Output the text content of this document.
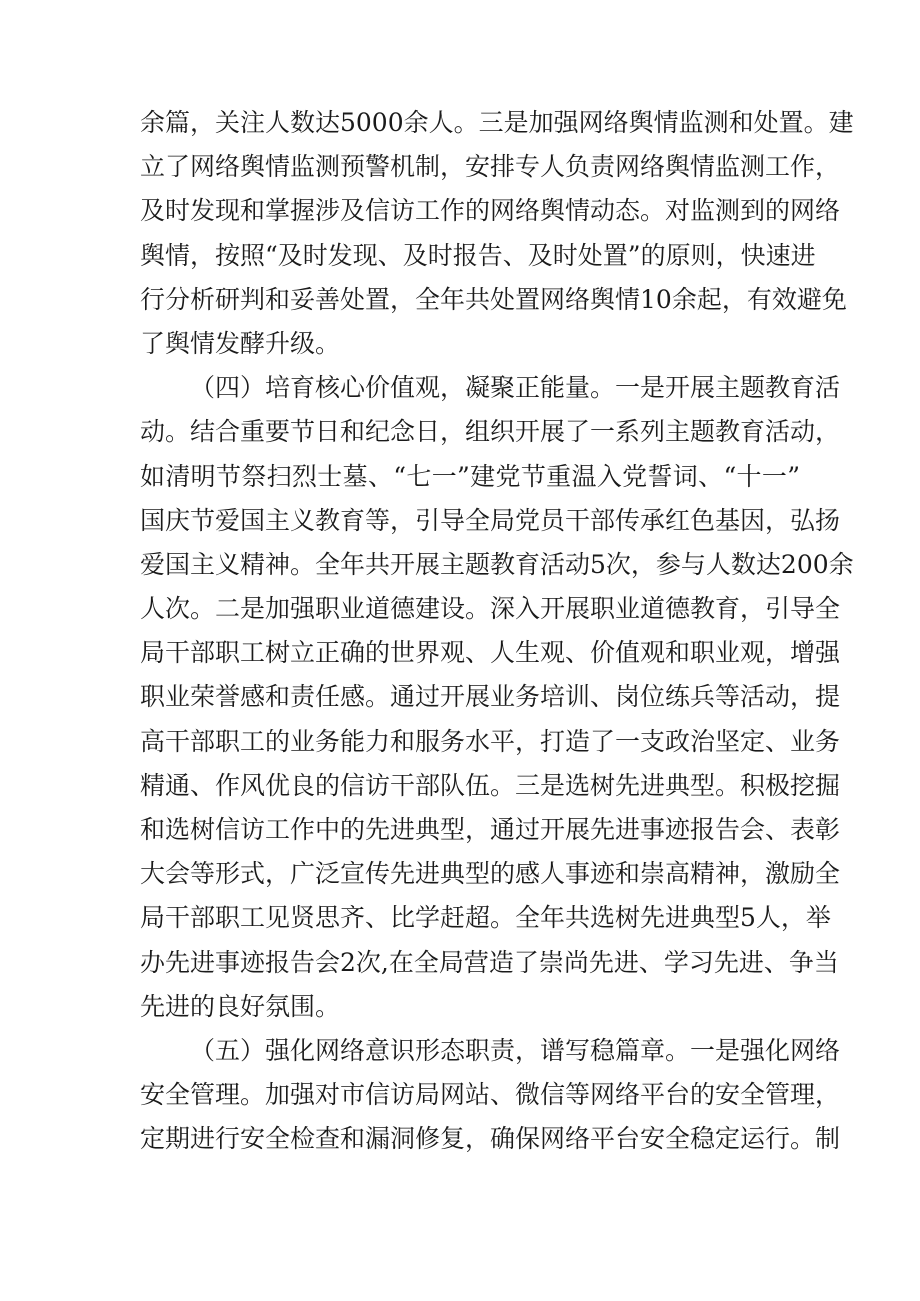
余篇，关注人数达5000余人。三是加强网络舆情监测和处置。建
立了网络舆情监测预警机制，安排专人负责网络舆情监测工作，
及时发现和掌握涉及信访工作的网络舆情动态。对监测到的网络
舆情，按照“及时发现、及时报告、及时处置”的原则，快速进
行分析研判和妥善处置，全年共处置网络舆情10余起，有效避免
了舆情发酵升级。
（四）培育核心价值观，凝聚正能量。一是开展主题教育活
动。结合重要节日和纪念日，组织开展了一系列主题教育活动，
如清明节祭扫烈士墓、“七一”建党节重温入党誓词、“十一”
国庆节爱国主义教育等，引导全局党员干部传承红色基因，弘扬
爱国主义精神。全年共开展主题教育活动5次，参与人数达200余
人次。二是加强职业道德建设。深入开展职业道德教育，引导全
局干部职工树立正确的世界观、人生观、价值观和职业观，增强
职业荣誉感和责任感。通过开展业务培训、岗位练兵等活动，提
高干部职工的业务能力和服务水平，打造了一支政治坚定、业务
精通、作风优良的信访干部队伍。三是选树先进典型。积极挖掘
和选树信访工作中的先进典型，通过开展先进事迹报告会、表彰
大会等形式，广泛宣传先进典型的感人事迹和崇高精神，激励全
局干部职工见贤思齐、比学赶超。全年共选树先进典型5人，举
办先进事迹报告会2次,在全局营造了崇尚先进、学习先进、争当
先进的良好氛围。
（五）强化网络意识形态职责，谱写稳篇章。一是强化网络
安全管理。加强对市信访局网站、微信等网络平台的安全管理，
定期进行安全检查和漏洞修复，确保网络平台安全稳定运行。制
